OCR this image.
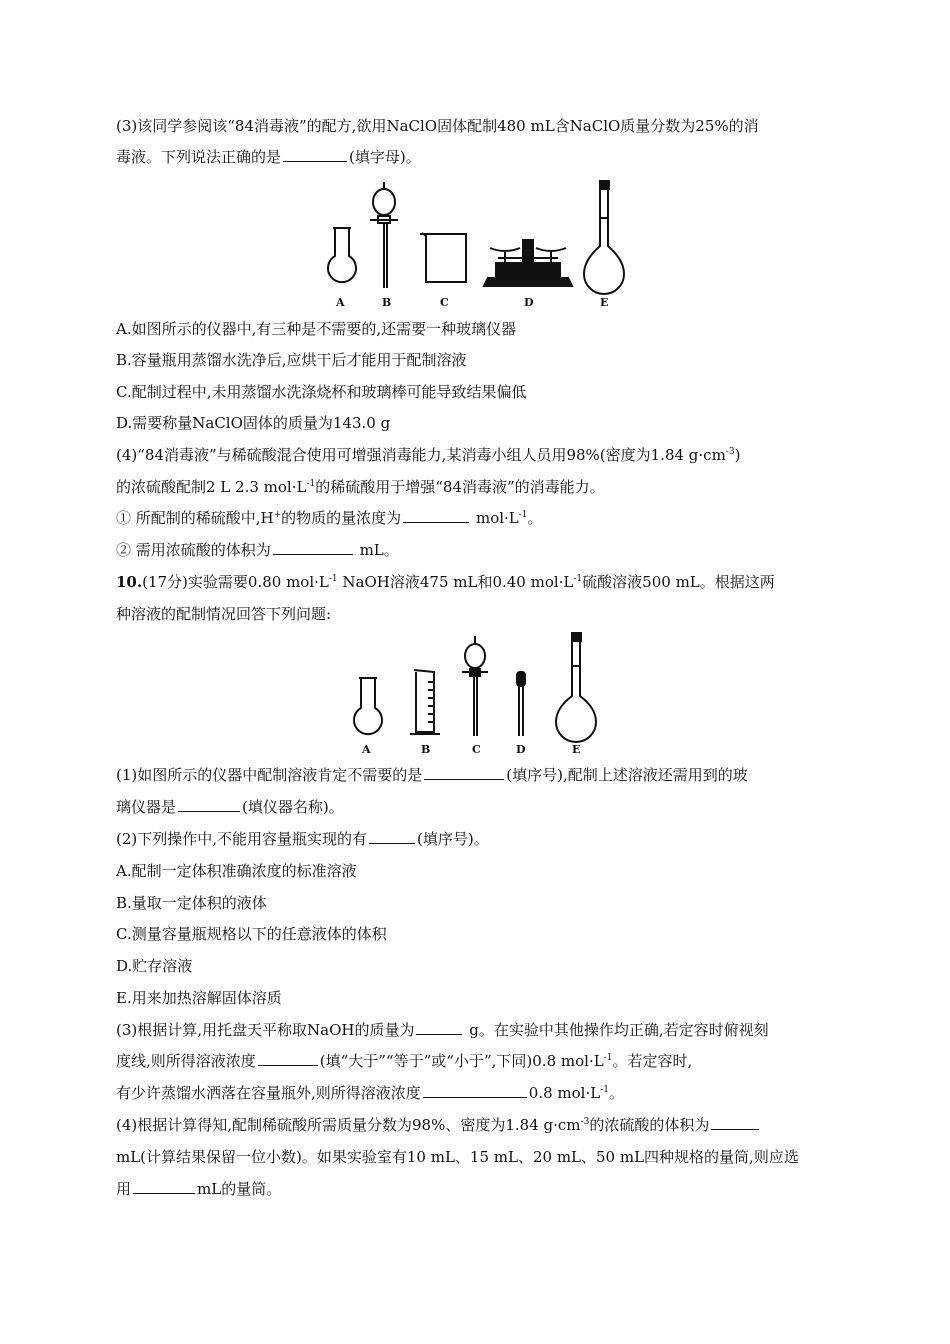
(3)该同学参阅该“84消毒液”的配方,欲用NaClO固体配制480 mL含NaClO质量分数为25%的消
毒液。下列说法正确的是	(填字母)。
A	B	C	D	E
A.如图所示的仪器中,有三种是不需要的,还需要一种玻璃仪器
B.容量瓶用蒸馏水洗净后,应烘干后才能用于配制溶液
C.配制过程中,未用蒸馏水洗涤烧杯和玻璃棒可能导致结果偏低
D.需要称量NaClO固体的质量为143.0 g
(4)“84消毒液”与稀硫酸混合使用可增强消毒能力,某消毒小组人员用98%(密度为1.84 $g\cdot cm^{-3}$)
的浓硫酸配制2 L 2.3 $mol\cdot L^{-1}$的稀硫酸用于增强“84消毒液”的消毒能力。
① 所配制的稀硫酸中,H+的物质的量浓度为	$mol\cdot L^{-1}$。
② 需用浓硫酸的体积为	mL。
10.(17分)实验需要0.80 $mol\cdot L^{-1}$ NaOH溶液475 mL和0.40 $mol\cdot L^{-1}$硫酸溶液500 mL。根据这两
种溶液的配制情况回答下列问题:
A	B	C	D	E
(1)如图所示的仪器中配制溶液肯定不需要的是	(填序号),配制上述溶液还需用到的玻
璃仪器是	(填仪器名称)。
(2)下列操作中,不能用容量瓶实现的有	(填序号)。
A.配制一定体积准确浓度的标准溶液
B.量取一定体积的液体
C.测量容量瓶规格以下的任意液体的体积
D.贮存溶液
E.用来加热溶解固体溶质
(3)根据计算,用托盘天平称取NaOH的质量为	g。在实验中其他操作均正确,若定容时俯视刻
度线,则所得溶液浓度	(填“大于”“等于”或“小于”,下同)0.8 $mol\cdot L^{-1}$。若定容时,
有少许蒸馏水洒落在容量瓶外,则所得溶液浓度	0.8 $mol\cdot L^{-1}$。
(4)根据计算得知,配制稀硫酸所需质量分数为98%、密度为1.84 $g\cdot cm^{-3}$的浓硫酸的体积为
mL(计算结果保留一位小数)。如果实验室有10 mL、15 mL、20 mL、50 mL四种规格的量筒,则应选
用	mL的量筒。
